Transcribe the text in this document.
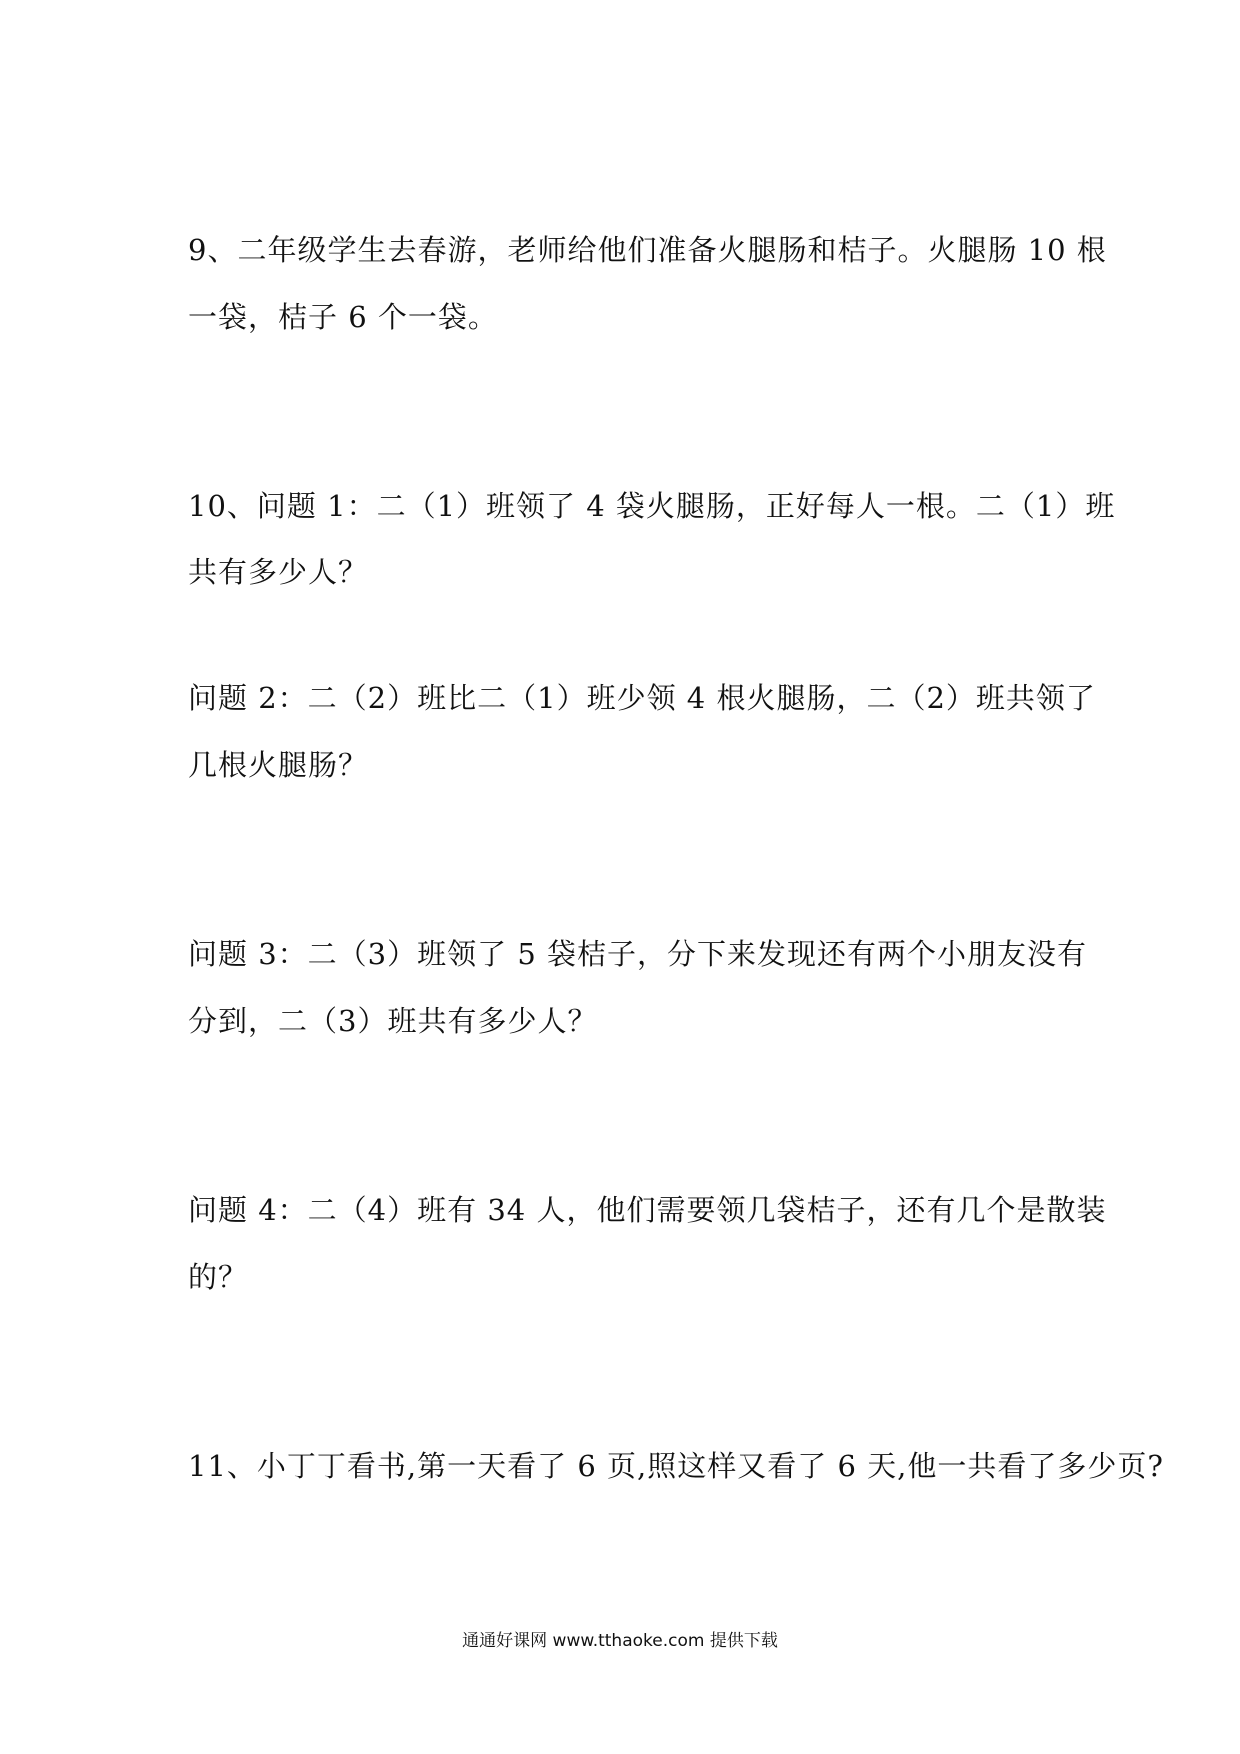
9、二年级学生去春游，老师给他们准备火腿肠和桔子。火腿肠 10 根
一袋，桔子 6 个一袋。
10、问题 1：二（1）班领了 4 袋火腿肠，正好每人一根。二（1）班
共有多少人？
问题 2：二（2）班比二（1）班少领 4 根火腿肠，二（2）班共领了
几根火腿肠？
问题 3：二（3）班领了 5 袋桔子，分下来发现还有两个小朋友没有
分到，二（3）班共有多少人？
问题 4：二（4）班有 34 人，他们需要领几袋桔子，还有几个是散装
的？
11、小丁丁看书,第一天看了 6 页,照这样又看了 6 天,他一共看了多少页?
通通好课网 www.tthaoke.com 提供下载
